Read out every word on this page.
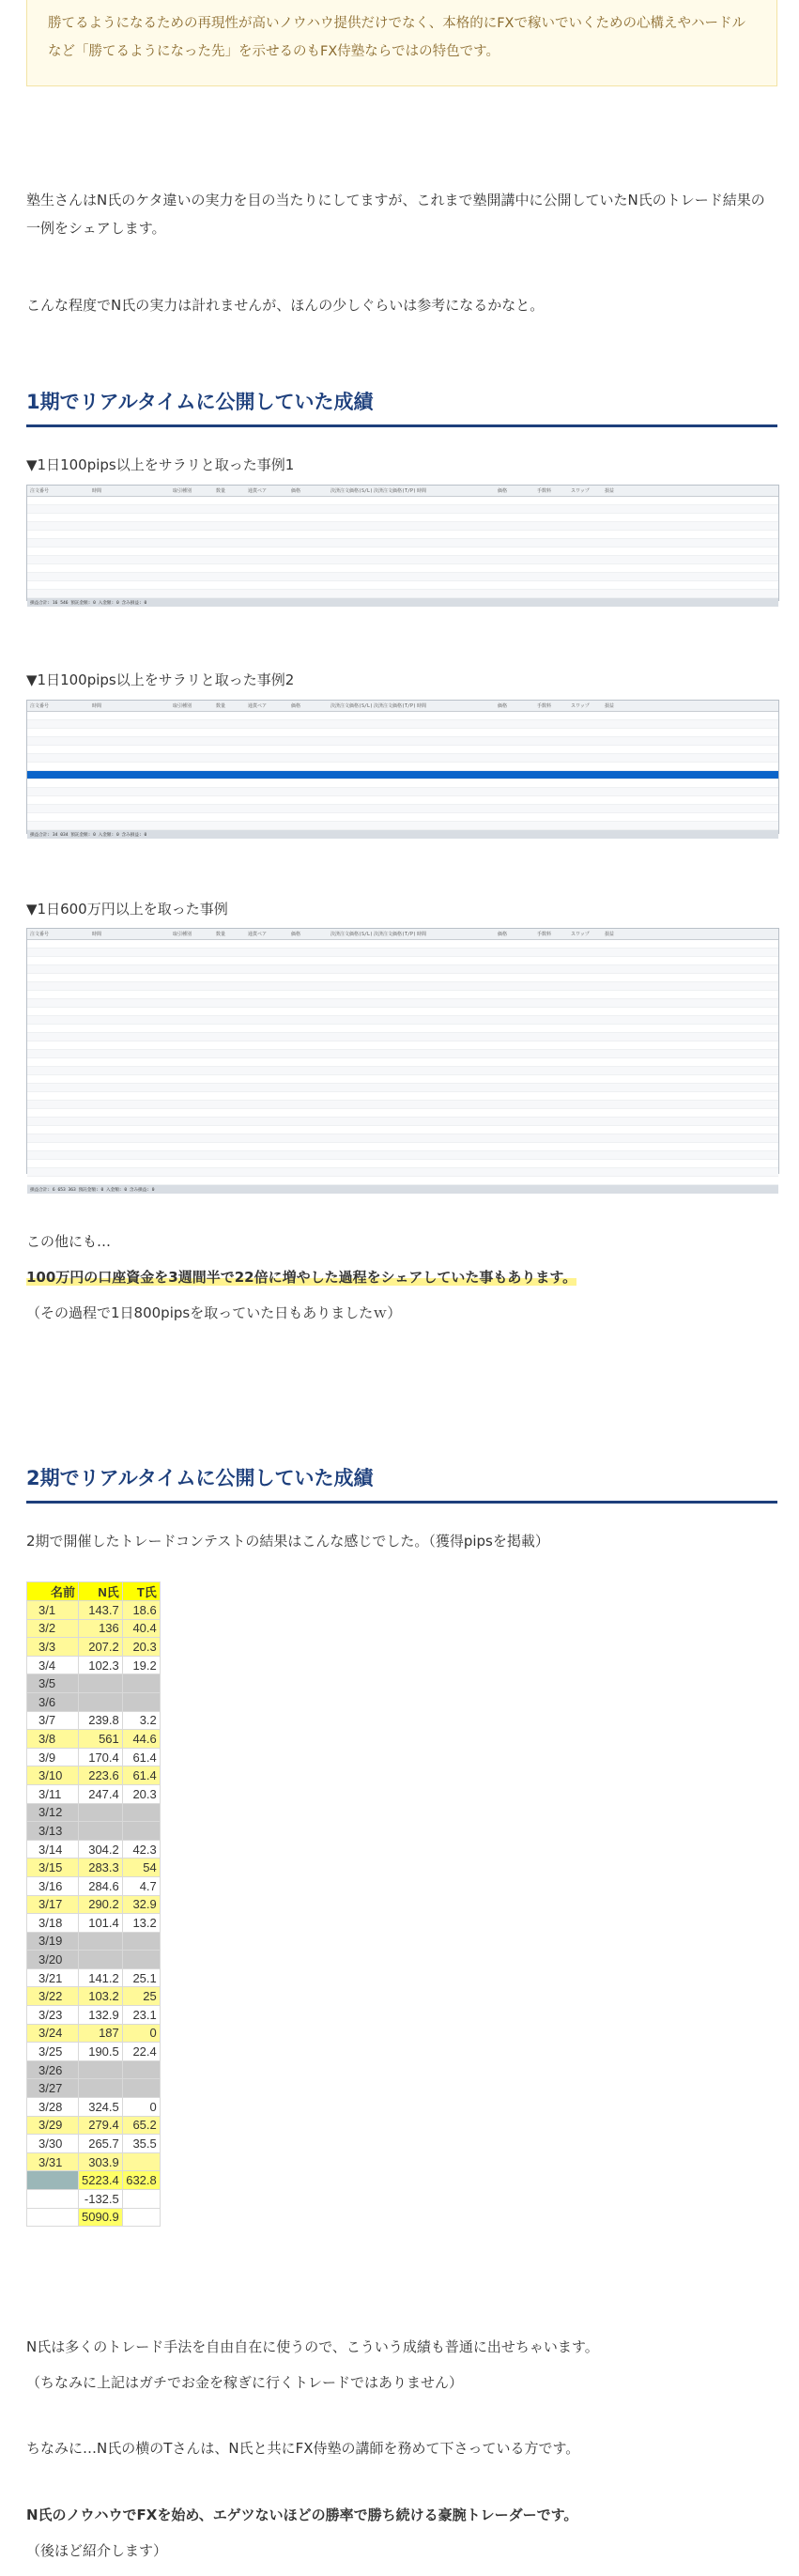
勝てるようになるための再現性が高いノウハウ提供だけでなく、本格的にFXで稼いでいくための心構えやハードルなど「勝てるようになった先」を示せるのもFX侍塾ならではの特色です。
塾生さんはN氏のケタ違いの実力を目の当たりにしてますが、これまで塾開講中に公開していたN氏のトレード結果の一例をシェアします。
こんな程度でN氏の実力は計れませんが、ほんの少しぐらいは参考になるかなと。
1期でリアルタイムに公開していた成績
▼1日100pips以上をサラリと取った事例1
注文番号	時間	取引種別	数量	通貨ペア	価格	決済注文価格(S/L) 決済注文価格(T/P) 時間	価格	手数料	スワップ	損益
損益合計: 16 546 預託金額: 0 入金額: 0 含み損益: 0
▼1日100pips以上をサラリと取った事例2
注文番号	時間	取引種別	数量	通貨ペア	価格	決済注文価格(S/L) 決済注文価格(T/P) 時間	価格	手数料	スワップ	損益
損益合計: 34 034 預託金額: 0 入金額: 0 含み損益: 0
▼1日600万円以上を取った事例
注文番号	時間	取引種別	数量	通貨ペア	価格	決済注文価格(S/L) 決済注文価格(T/P) 時間	価格	手数料	スワップ	損益
損益合計: 6 653 363 預託金額: 0 入金額: 0 含み損益: 0
この他にも…
100万円の口座資金を3週間半で22倍に増やした過程をシェアしていた事もあります。
（その過程で1日800pipsを取っていた日もありましたｗ）
2期でリアルタイムに公開していた成績
2期で開催したトレードコンテストの結果はこんな感じでした。（獲得pipsを掲載）
名前	N氏	T氏
3/1	143.7	18.6
3/2	136	40.4
3/3	207.2	20.3
3/4	102.3	19.2
3/5		
3/6		
3/7	239.8	3.2
3/8	561	44.6
3/9	170.4	61.4
3/10	223.6	61.4
3/11	247.4	20.3
3/12		
3/13		
3/14	304.2	42.3
3/15	283.3	54
3/16	284.6	4.7
3/17	290.2	32.9
3/18	101.4	13.2
3/19		
3/20		
3/21	141.2	25.1
3/22	103.2	25
3/23	132.9	23.1
3/24	187	0
3/25	190.5	22.4
3/26		
3/27		
3/28	324.5	0
3/29	279.4	65.2
3/30	265.7	35.5
3/31	303.9	
	5223.4	632.8
	-132.5	
	5090.9	
N氏は多くのトレード手法を自由自在に使うので、こういう成績も普通に出せちゃいます。
（ちなみに上記はガチでお金を稼ぎに行くトレードではありません）
ちなみに…N氏の横のTさんは、N氏と共にFX侍塾の講師を務めて下さっている方です。
N氏のノウハウでFXを始め、エゲツないほどの勝率で勝ち続ける豪腕トレーダーです。
（後ほど紹介します）
